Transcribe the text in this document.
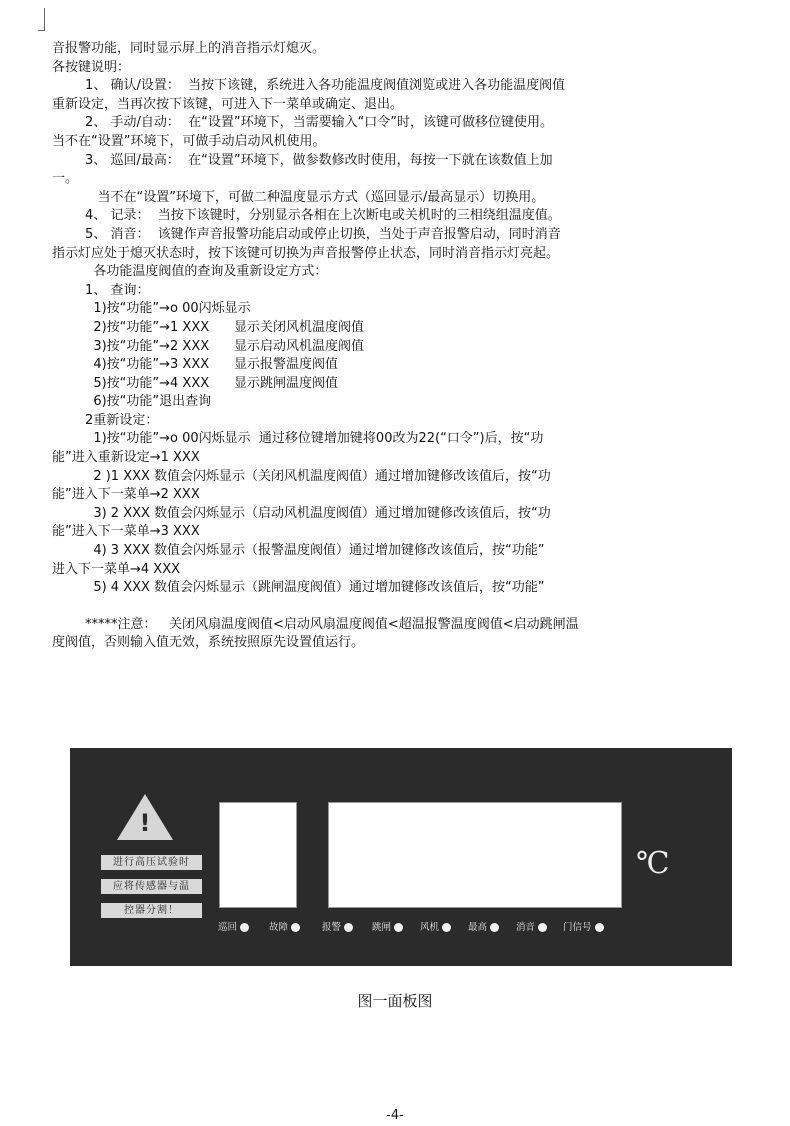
音报警功能，同时显示屏上的消音指示灯熄灭。
各按键说明：
1、 确认/设置：  当按下该键，系统进入各功能温度阀值浏览或进入各功能温度阀值
重新设定，当再次按下该键，可进入下一菜单或确定、退出。
2、 手动/自动：  在“设置”环境下，当需要输入“口令”时，该键可做移位键使用。
当不在“设置”环境下，可做手动启动风机使用。
3、 巡回/最高：  在“设置”环境下，做参数修改时使用，每按一下就在该数值上加
一。
当不在“设置”环境下，可做二种温度显示方式（巡回显示/最高显示）切换用。
4、 记录：  当按下该键时，分别显示各相在上次断电或关机时的三相绕组温度值。
5、 消音：  该键作声音报警功能启动或停止切换，当处于声音报警启动，同时消音
指示灯应处于熄灭状态时，按下该键可切换为声音报警停止状态，同时消音指示灯亮起。
各功能温度阀值的查询及重新设定方式：
1、 查询：
1)按“功能”→o 00闪烁显示
2)按“功能”→1 XXX      显示关闭风机温度阀值
3)按“功能”→2 XXX      显示启动风机温度阀值
4)按“功能”→3 XXX      显示报警温度阀值
5)按“功能”→4 XXX      显示跳闸温度阀值
6)按“功能”退出查询
2重新设定：
1)按“功能”→o 00闪烁显示  通过移位键增加键将00改为22(“口令”)后，按“功
能”进入重新设定→1 XXX
2 )1 XXX 数值会闪烁显示（关闭风机温度阀值）通过增加键修改该值后，按“功
能”进入下一菜单→2 XXX
3) 2 XXX 数值会闪烁显示（启动风机温度阀值）通过增加键修改该值后，按“功
能”进入下一菜单→3 XXX
4) 3 XXX 数值会闪烁显示（报警温度阀值）通过增加键修改该值后，按“功能”
进入下一菜单→4 XXX
5) 4 XXX 数值会闪烁显示（跳闸温度阀值）通过增加键修改该值后，按“功能”
*****注意：   关闭风扇温度阀值<启动风扇温度阀值<超温报警温度阀值<启动跳闸温
度阀值，否则输入值无效，系统按照原先设置值运行。
!
进行高压试验时
应将传感器与温
控器分割！
℃
巡回	故障	报警	跳闸	风机	最高	消音	门信号
图一面板图
-4-
